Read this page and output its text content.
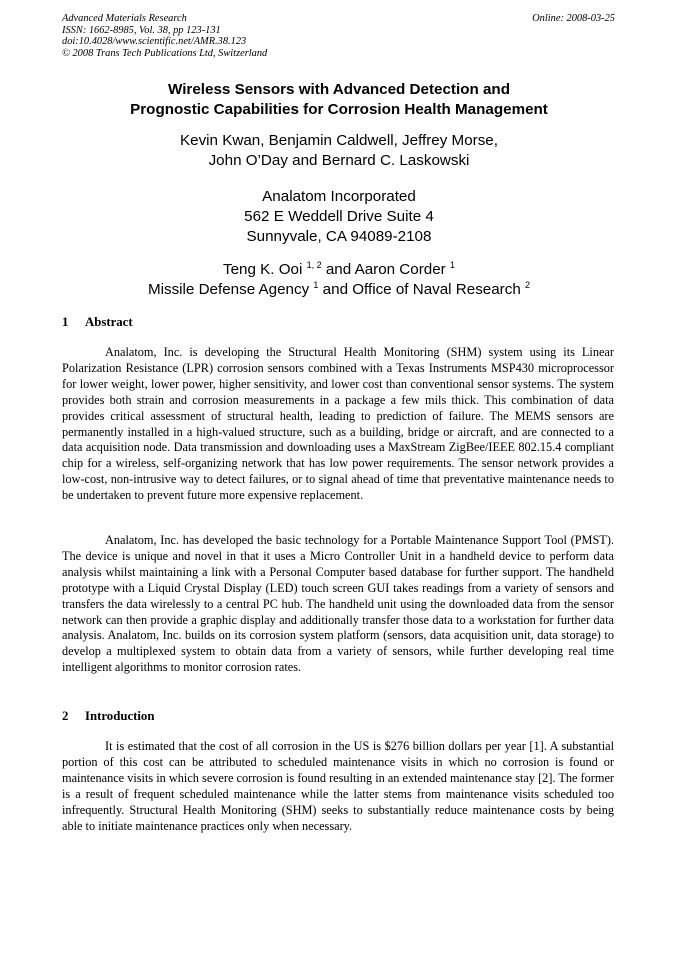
Advanced Materials Research
ISSN: 1662-8985, Vol. 38, pp 123-131
doi:10.4028/www.scientific.net/AMR.38.123
© 2008 Trans Tech Publications Ltd, Switzerland
Online: 2008-03-25
Wireless Sensors with Advanced Detection and
Prognostic Capabilities for Corrosion Health Management
Kevin Kwan, Benjamin Caldwell, Jeffrey Morse,
John O’Day and Bernard C. Laskowski
Analatom Incorporated
562 E Weddell Drive Suite 4
Sunnyvale, CA 94089-2108
Teng K. Ooi $^{1, 2}$ and Aaron Corder $^1$
Missile Defense Agency $^1$ and Office of Naval Research $^2$
1 Abstract
Analatom, Inc. is developing the Structural Health Monitoring (SHM) system using its Linear Polarization Resistance (LPR) corrosion sensors combined with a Texas Instruments MSP430 microprocessor for lower weight, lower power, higher sensitivity, and lower cost than conventional sensor systems. The system provides both strain and corrosion measurements in a package a few mils thick. This combination of data provides critical assessment of structural health, leading to prediction of failure. The MEMS sensors are permanently installed in a high-valued structure, such as a building, bridge or aircraft, and are connected to a data acquisition node. Data transmission and downloading uses a MaxStream ZigBee/IEEE 802.15.4 compliant chip for a wireless, self-organizing network that has low power requirements. The sensor network provides a low-cost, non-intrusive way to detect failures, or to signal ahead of time that preventative maintenance needs to be undertaken to prevent future more expensive replacement.
Analatom, Inc. has developed the basic technology for a Portable Maintenance Support Tool (PMST). The device is unique and novel in that it uses a Micro Controller Unit in a handheld device to perform data analysis whilst maintaining a link with a Personal Computer based database for further support. The handheld prototype with a Liquid Crystal Display (LED) touch screen GUI takes readings from a variety of sensors and transfers the data wirelessly to a central PC hub. The handheld unit using the downloaded data from the sensor network can then provide a graphic display and additionally transfer those data to a workstation for further data analysis. Analatom, Inc. builds on its corrosion system platform (sensors, data acquisition unit, data storage) to develop a multiplexed system to obtain data from a variety of sensors, while further developing real time intelligent algorithms to monitor corrosion rates.
2 Introduction
It is estimated that the cost of all corrosion in the US is $276 billion dollars per year [1]. A substantial portion of this cost can be attributed to scheduled maintenance visits in which no corrosion is found or maintenance visits in which severe corrosion is found resulting in an extended maintenance stay [2]. The former is a result of frequent scheduled maintenance while the latter stems from maintenance visits scheduled too infrequently. Structural Health Monitoring (SHM) seeks to substantially reduce maintenance costs by being able to initiate maintenance practices only when necessary.
